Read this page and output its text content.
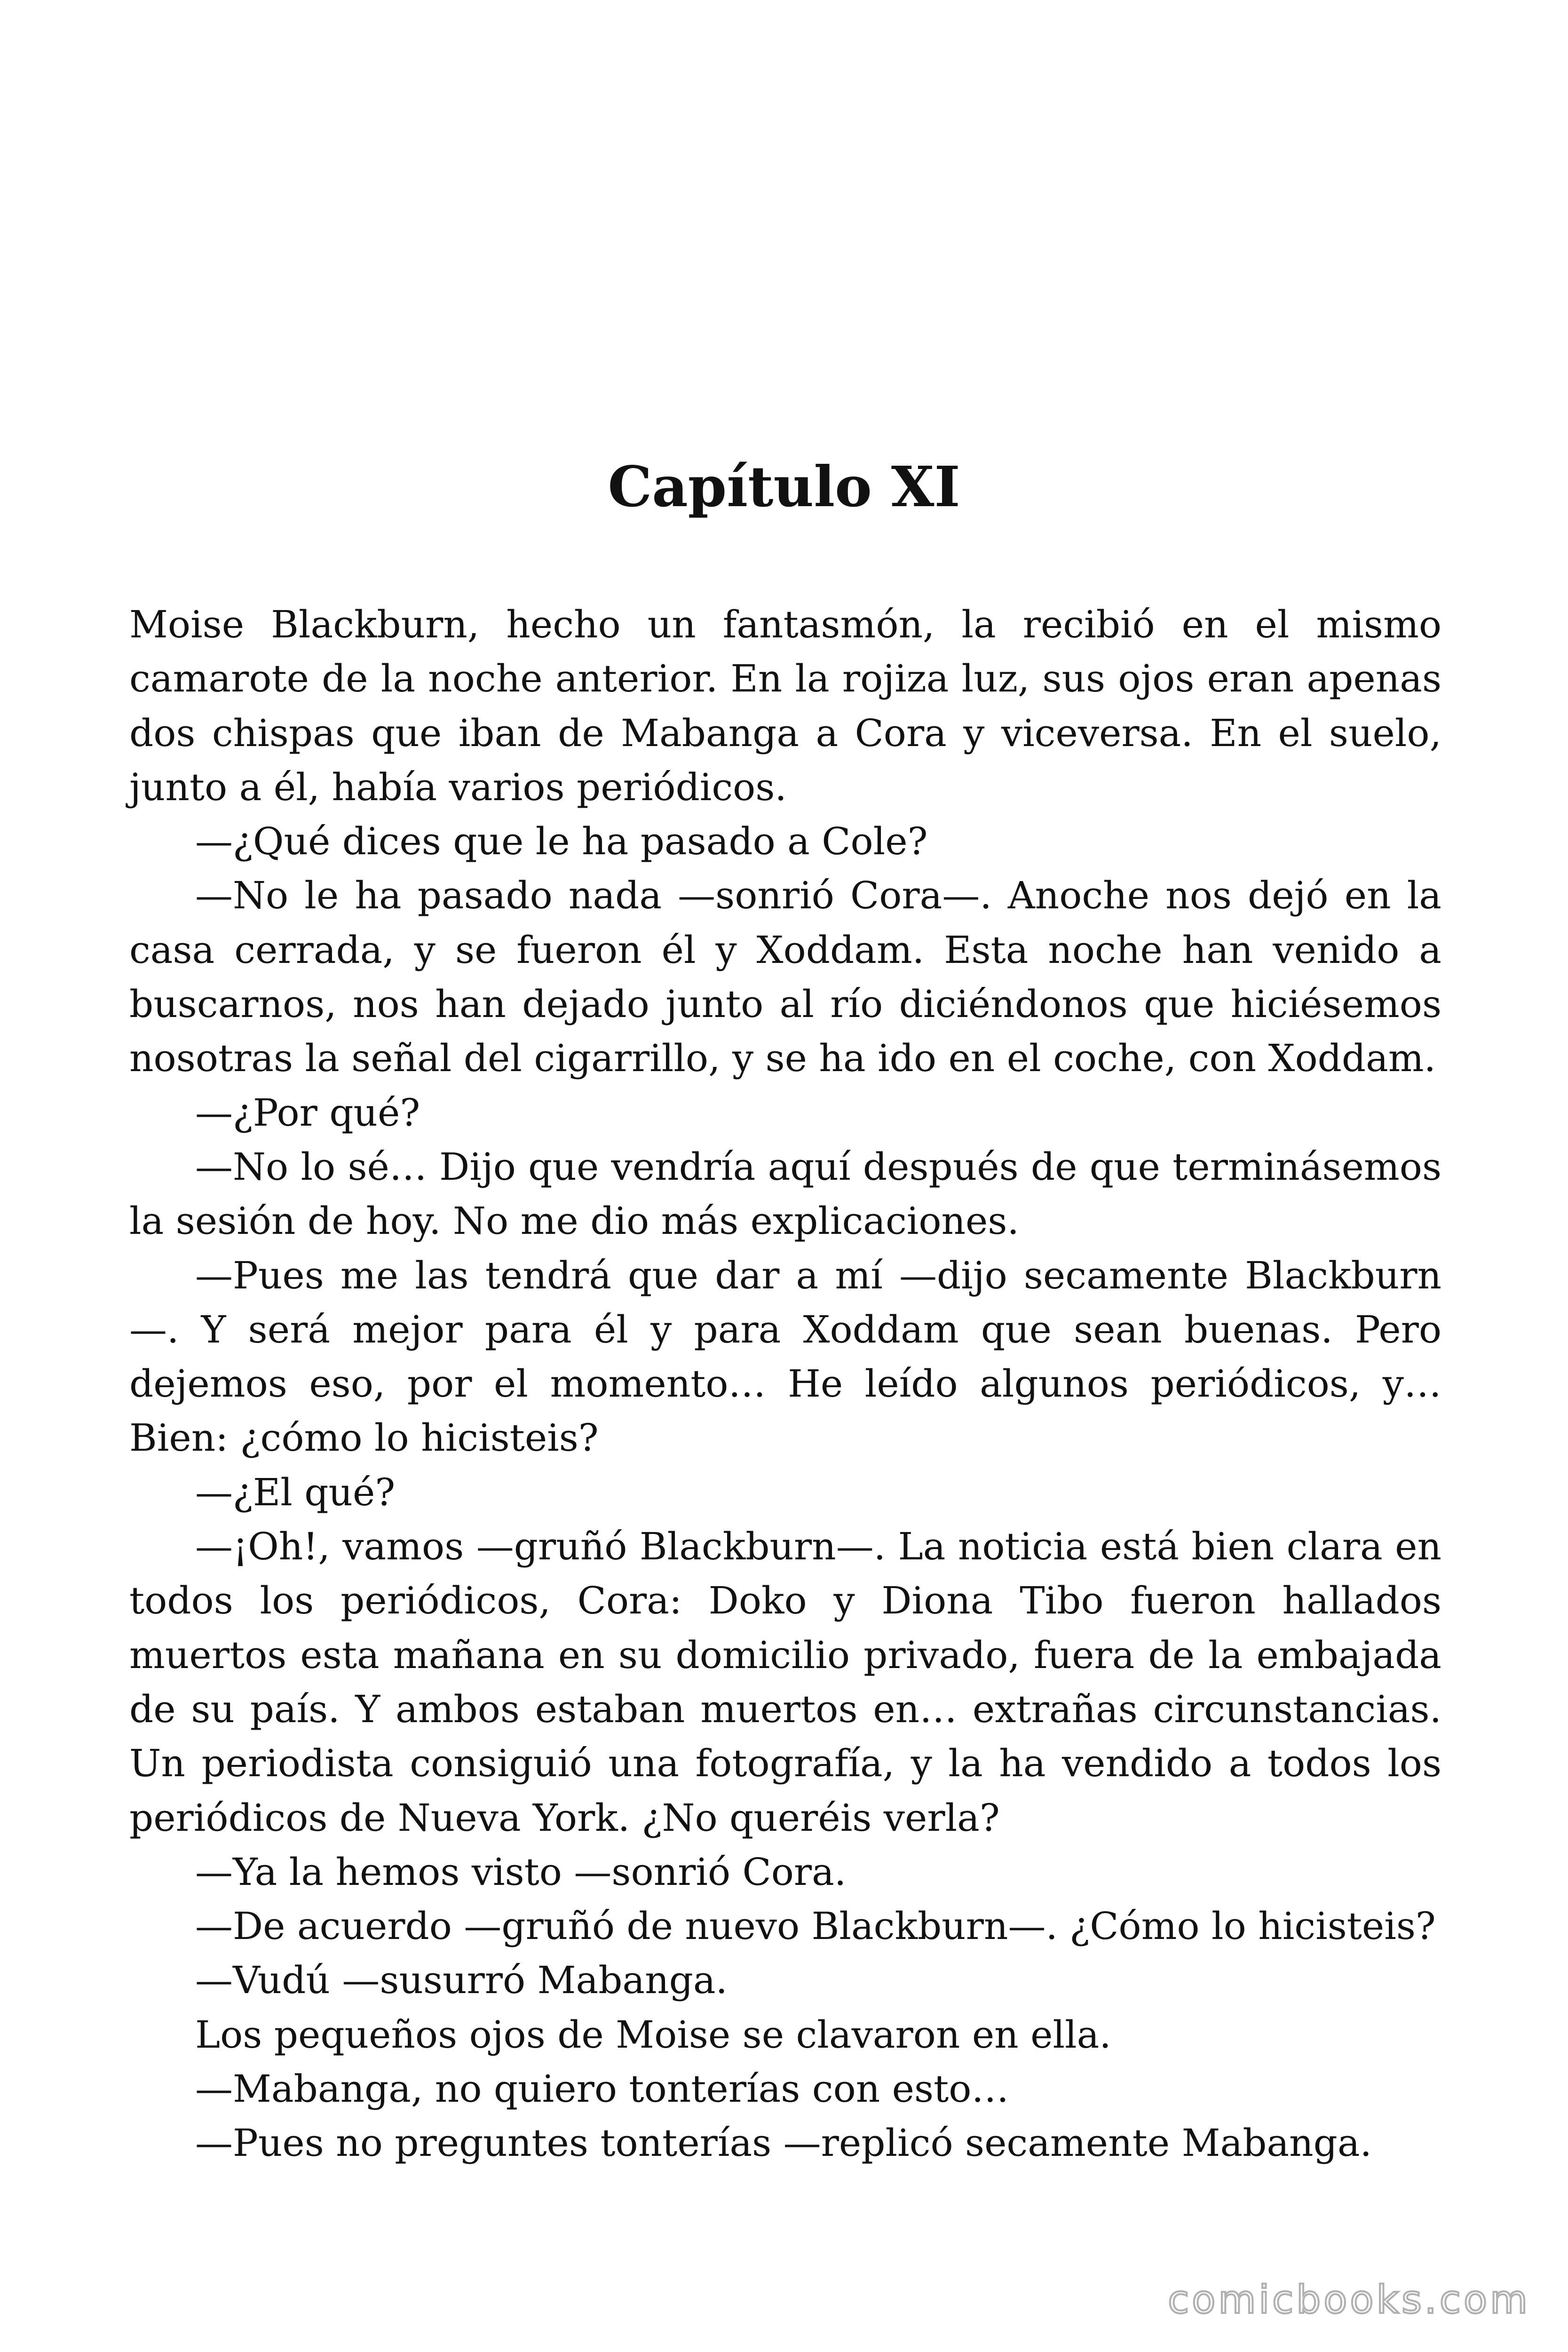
Capítulo XI

Moise Blackburn, hecho un fantasmón, la recibió en el mismo camarote de la noche anterior. En la rojiza luz, sus ojos eran apenas dos chispas que iban de Mabanga a Cora y viceversa. En el suelo, junto a él, había varios periódicos.

—¿Qué dices que le ha pasado a Cole?

—No le ha pasado nada —sonrió Cora—. Anoche nos dejó en la casa cerrada, y se fueron él y Xoddam. Esta noche han venido a buscarnos, nos han dejado junto al río diciéndonos que hiciésemos nosotras la señal del cigarrillo, y se ha ido en el coche, con Xoddam.

—¿Por qué?

—No lo sé… Dijo que vendría aquí después de que terminásemos la sesión de hoy. No me dio más explicaciones.

—Pues me las tendrá que dar a mí —dijo secamente Blackburn —. Y será mejor para él y para Xoddam que sean buenas. Pero dejemos eso, por el momento… He leído algunos periódicos, y… Bien: ¿cómo lo hicisteis?

—¿El qué?

—¡Oh!, vamos —gruñó Blackburn—. La noticia está bien clara en todos los periódicos, Cora: Doko y Diona Tibo fueron hallados muertos esta mañana en su domicilio privado, fuera de la embajada de su país. Y ambos estaban muertos en… extrañas circunstancias. Un periodista consiguió una fotografía, y la ha vendido a todos los periódicos de Nueva York. ¿No queréis verla?

—Ya la hemos visto —sonrió Cora.

—De acuerdo —gruñó de nuevo Blackburn—. ¿Cómo lo hicisteis?

—Vudú —susurró Mabanga.

Los pequeños ojos de Moise se clavaron en ella.

—Mabanga, no quiero tonterías con esto…

—Pues no preguntes tonterías —replicó secamente Mabanga.

comicbooks.com
